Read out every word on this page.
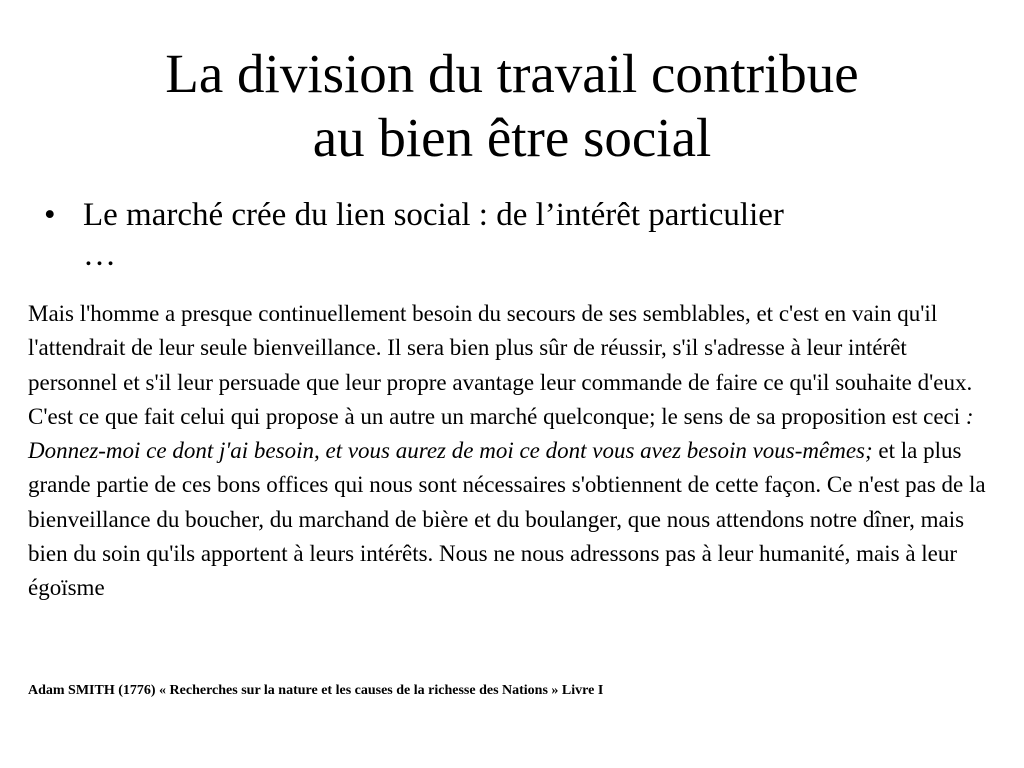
La division du travail contribue
au bien être social
• Le marché crée du lien social : de l’intérêt particulier …

Mais l'homme a presque continuellement besoin du secours de ses semblables, et c'est en vain qu'il l'attendrait de leur seule bienveillance. Il sera bien plus sûr de réussir, s'il s'adresse à leur intérêt personnel et s'il leur persuade que leur propre avantage leur commande de faire ce qu'il souhaite d'eux. C'est ce que fait celui qui propose à un autre un marché quelconque; le sens de sa proposition est ceci : Donnez-moi ce dont j'ai besoin, et vous aurez de moi ce dont vous avez besoin vous-mêmes; et la plus grande partie de ces bons offices qui nous sont nécessaires s'obtiennent de cette façon. Ce n'est pas de la bienveillance du boucher, du marchand de bière et du boulanger, que nous attendons notre dîner, mais bien du soin qu'ils apportent à leurs intérêts. Nous ne nous adressons pas à leur humanité, mais à leur égoïsme

Adam SMITH (1776) « Recherches sur la nature et les causes de la richesse des Nations » Livre I
